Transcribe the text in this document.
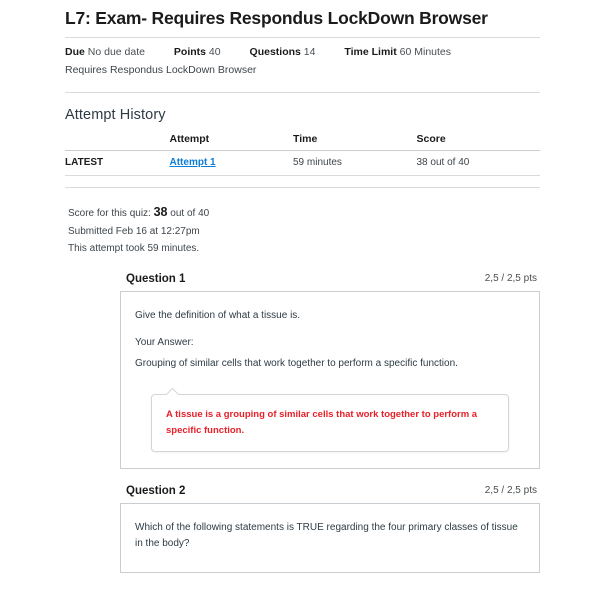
L7: Exam- Requires Respondus LockDown Browser
Due No due date	Points 40	Questions 14	Time Limit 60 Minutes
Requires Respondus LockDown Browser
Attempt History
	Attempt	Time	Score
LATEST	Attempt 1	59 minutes	38 out of 40
Score for this quiz: 38 out of 40
Submitted Feb 16 at 12:27pm
This attempt took 59 minutes.
Question 1	2,5 / 2,5 pts

Give the definition of what a tissue is.

Your Answer:

Grouping of similar cells that work together to perform a specific function.

A tissue is a grouping of similar cells that work together to perform a specific function.

Question 2	2,5 / 2,5 pts

Which of the following statements is TRUE regarding the four primary classes of tissue in the body?
